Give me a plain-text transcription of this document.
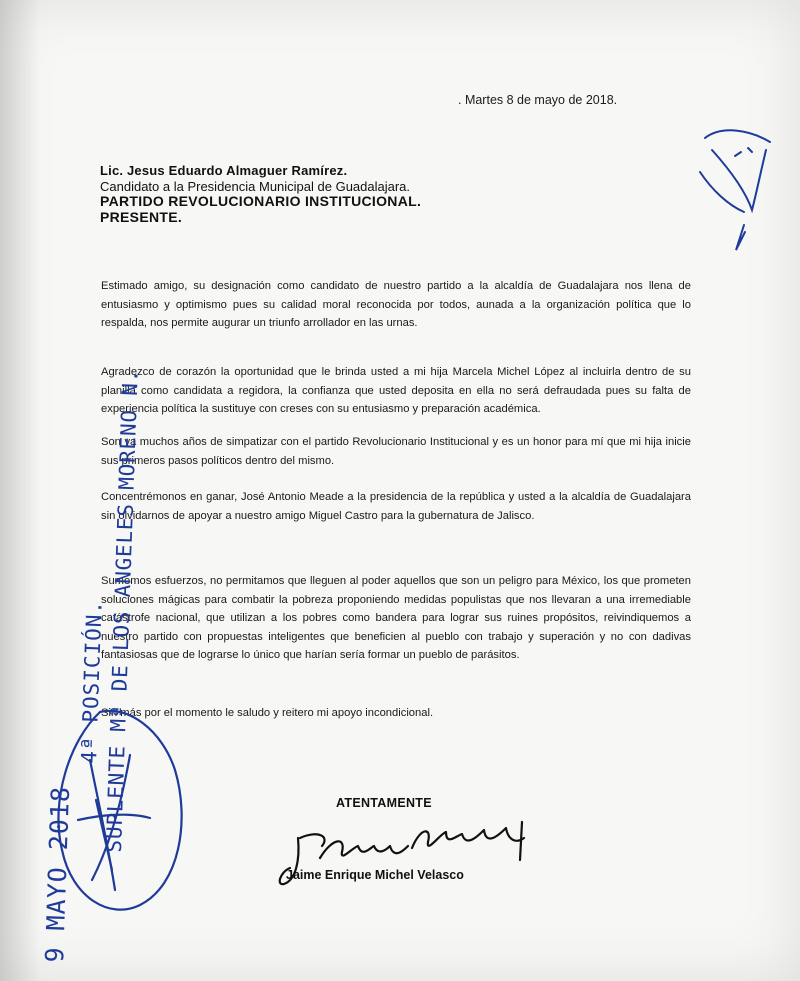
. Martes 8 de mayo de 2018.
Lic. Jesus Eduardo Almaguer Ramírez.
Candidato a la Presidencia Municipal de Guadalajara.
PARTIDO REVOLUCIONARIO INSTITUCIONAL.
PRESENTE.

Estimado amigo, su designación como candidato de nuestro partido a la alcaldía de Guadalajara nos llena de entusiasmo y optimismo pues su calidad moral reconocida por todos, aunada a la organización política que lo respalda, nos permite augurar un triunfo arrollador en las urnas.

Agradezco de corazón la oportunidad que le brinda usted a mi hija Marcela Michel López al incluirla dentro de su planilla como candidata a regidora, la confianza que usted deposita en ella no será defraudada pues su falta de experiencia política la sustituye con creses con su entusiasmo y preparación académica.

Son ya muchos años de simpatizar con el partido Revolucionario Institucional y es un honor para mí que mi hija inicie sus primeros pasos políticos dentro del mismo.

Concentrémonos en ganar, José Antonio Meade a la presidencia de la república y usted a la alcaldía de Guadalajara sin olvidarnos de apoyar a nuestro amigo Miguel Castro para la gubernatura de Jalisco.

Sumemos esfuerzos, no permitamos que lleguen al poder aquellos que son un peligro para México, los que prometen soluciones mágicas para combatir la pobreza proponiendo medidas populistas que nos llevaran a una irremediable catástrofe nacional, que utilizan a los pobres como bandera para lograr sus ruines propósitos, reivindiquemos a nuestro partido con propuestas inteligentes que beneficien al pueblo con trabajo y superación y no con dadivas fantasiosas que de lograrse lo único que harían sería formar un pueblo de parásitos.

Sin más por el momento le saludo y reitero mi apoyo incondicional.

ATENTAMENTE
Jaime Enrique Michel Velasco
9 MAYO 2018
4ª POSICIÓN.
SUPLENTE Mª DE LOS ANGELES MORENO N.
